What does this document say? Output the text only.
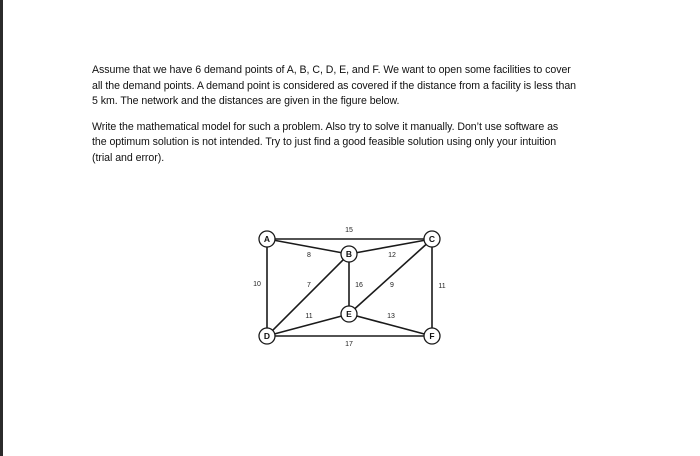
Assume that we have 6 demand points of A, B, C, D, E, and F. We want to open some facilities to cover
all the demand points. A demand point is considered as covered if the distance from a facility is less than
5 km. The network and the distances are given in the figure below.

Write the mathematical model for such a problem. Also try to solve it manually. Don’t use software as
the optimum solution is not intended. Try to just find a good feasible solution using only your intuition
(trial and error).

15
8	12
10	7	16	9	11
11	13
17
A
B
C
D
E
F
